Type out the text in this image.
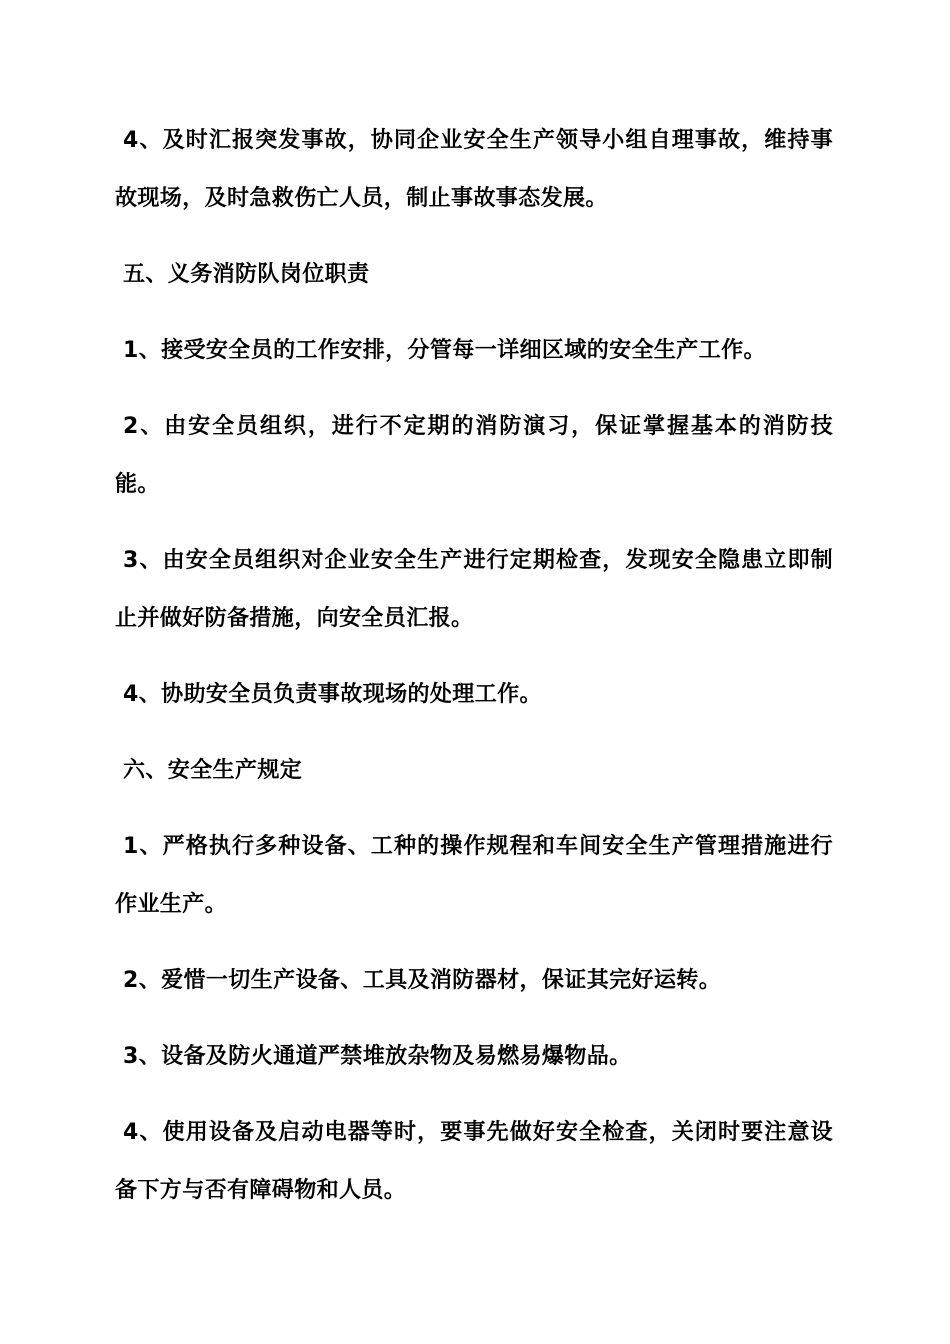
4、及时汇报突发事故，协同企业安全生产领导小组自理事故，维持事故现场，及时急救伤亡人员，制止事故事态发展。

五、义务消防队岗位职责

1、接受安全员的工作安排，分管每一详细区域的安全生产工作。

2、由安全员组织，进行不定期的消防演习，保证掌握基本的消防技能。

3、由安全员组织对企业安全生产进行定期检查，发现安全隐患立即制止并做好防备措施，向安全员汇报。

4、协助安全员负责事故现场的处理工作。

六、安全生产规定

1、严格执行多种设备、工种的操作规程和车间安全生产管理措施进行作业生产。

2、爱惜一切生产设备、工具及消防器材，保证其完好运转。

3、设备及防火通道严禁堆放杂物及易燃易爆物品。

4、使用设备及启动电器等时，要事先做好安全检查，关闭时要注意设备下方与否有障碍物和人员。
